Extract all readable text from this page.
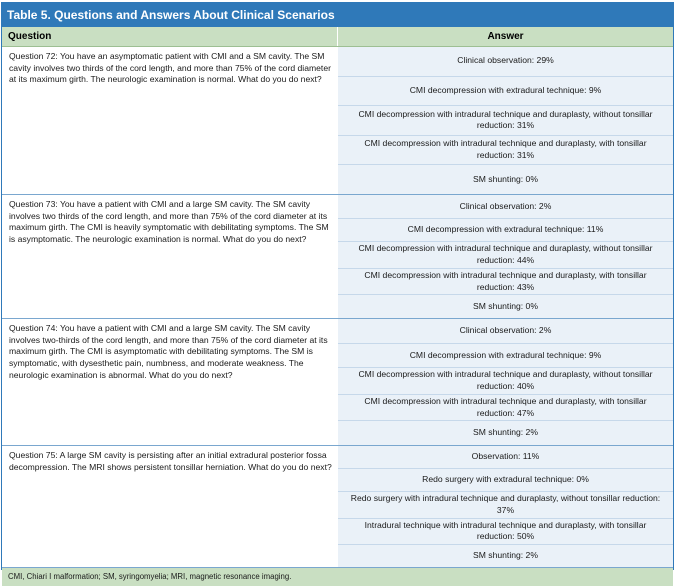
Table 5. Questions and Answers About Clinical Scenarios
Question	Answer
Question 72: You have an asymptomatic patient with CMI and a SM cavity. The SM cavity involves two thirds of the cord length, and more than 75% of the cord diameter at its maximum girth. The neurologic examination is normal. What do you do next?
Clinical observation: 29%
CMI decompression with extradural technique: 9%
CMI decompression with intradural technique and duraplasty, without tonsillar reduction: 31%
CMI decompression with intradural technique and duraplasty, with tonsillar reduction: 31%
SM shunting: 0%
Question 73: You have a patient with CMI and a large SM cavity. The SM cavity involves two thirds of the cord length, and more than 75% of the cord diameter at its maximum girth. The CMI is heavily symptomatic with debilitating symptoms. The SM is asymptomatic. The neurologic examination is normal. What do you do next?
Clinical observation: 2%
CMI decompression with extradural technique: 11%
CMI decompression with intradural technique and duraplasty, without tonsillar reduction: 44%
CMI decompression with intradural technique and duraplasty, with tonsillar reduction: 43%
SM shunting: 0%
Question 74: You have a patient with CMI and a large SM cavity. The SM cavity involves two-thirds of the cord length, and more than 75% of the cord diameter at its maximum girth. The CMI is asymptomatic with debilitating symptoms. The SM is symptomatic, with dysesthetic pain, numbness, and moderate weakness. The neurologic examination is abnormal. What do you do next?
Clinical observation: 2%
CMI decompression with extradural technique: 9%
CMI decompression with intradural technique and duraplasty, without tonsillar reduction: 40%
CMI decompression with intradural technique and duraplasty, with tonsillar reduction: 47%
SM shunting: 2%
Question 75: A large SM cavity is persisting after an initial extradural posterior fossa decompression. The MRI shows persistent tonsillar herniation. What do you do next?
Observation: 11%
Redo surgery with extradural technique: 0%
Redo surgery with intradural technique and duraplasty, without tonsillar reduction: 37%
Intradural technique with intradural technique and duraplasty, with tonsillar reduction: 50%
SM shunting: 2%
CMI, Chiari I malformation; SM, syringomyelia; MRI, magnetic resonance imaging.
